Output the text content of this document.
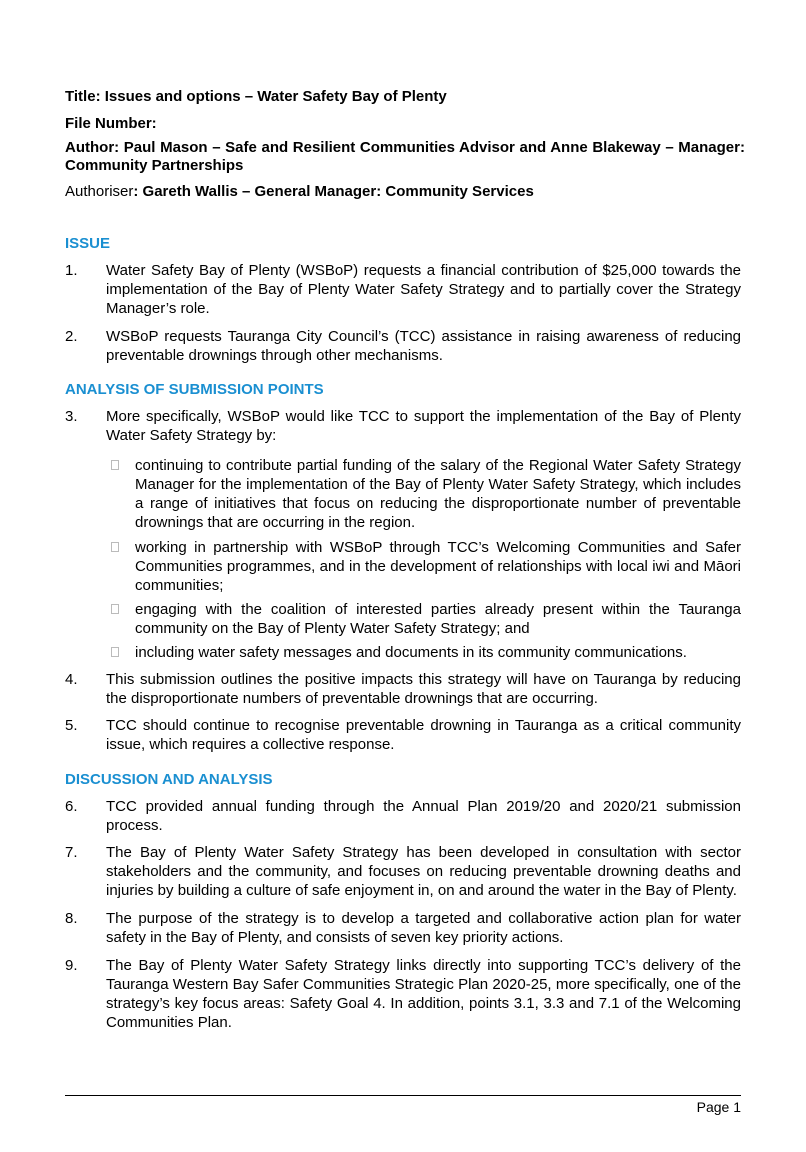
Title: Issues and options – Water Safety Bay of Plenty
File Number:
Author: Paul Mason – Safe and Resilient Communities Advisor and Anne Blakeway – Manager: Community Partnerships
Authoriser: Gareth Wallis – General Manager: Community Services
ISSUE
1. Water Safety Bay of Plenty (WSBoP) requests a financial contribution of $25,000 towards the implementation of the Bay of Plenty Water Safety Strategy and to partially cover the Strategy Manager’s role.
2. WSBoP requests Tauranga City Council’s (TCC) assistance in raising awareness of reducing preventable drownings through other mechanisms.
ANALYSIS OF SUBMISSION POINTS
3. More specifically, WSBoP would like TCC to support the implementation of the Bay of Plenty Water Safety Strategy by:
continuing to contribute partial funding of the salary of the Regional Water Safety Strategy Manager for the implementation of the Bay of Plenty Water Safety Strategy, which includes a range of initiatives that focus on reducing the disproportionate number of preventable drownings that are occurring in the region.
working in partnership with WSBoP through TCC’s Welcoming Communities and Safer Communities programmes, and in the development of relationships with local iwi and Māori communities;
engaging with the coalition of interested parties already present within the Tauranga community on the Bay of Plenty Water Safety Strategy; and
including water safety messages and documents in its community communications.
4. This submission outlines the positive impacts this strategy will have on Tauranga by reducing the disproportionate numbers of preventable drownings that are occurring.
5. TCC should continue to recognise preventable drowning in Tauranga as a critical community issue, which requires a collective response.
DISCUSSION AND ANALYSIS
6. TCC provided annual funding through the Annual Plan 2019/20 and 2020/21 submission process.
7. The Bay of Plenty Water Safety Strategy has been developed in consultation with sector stakeholders and the community, and focuses on reducing preventable drowning deaths and injuries by building a culture of safe enjoyment in, on and around the water in the Bay of Plenty.
8. The purpose of the strategy is to develop a targeted and collaborative action plan for water safety in the Bay of Plenty, and consists of seven key priority actions.
9. The Bay of Plenty Water Safety Strategy links directly into supporting TCC’s delivery of the Tauranga Western Bay Safer Communities Strategic Plan 2020-25, more specifically, one of the strategy’s key focus areas: Safety Goal 4. In addition, points 3.1, 3.3 and 7.1 of the Welcoming Communities Plan.
Page 1
